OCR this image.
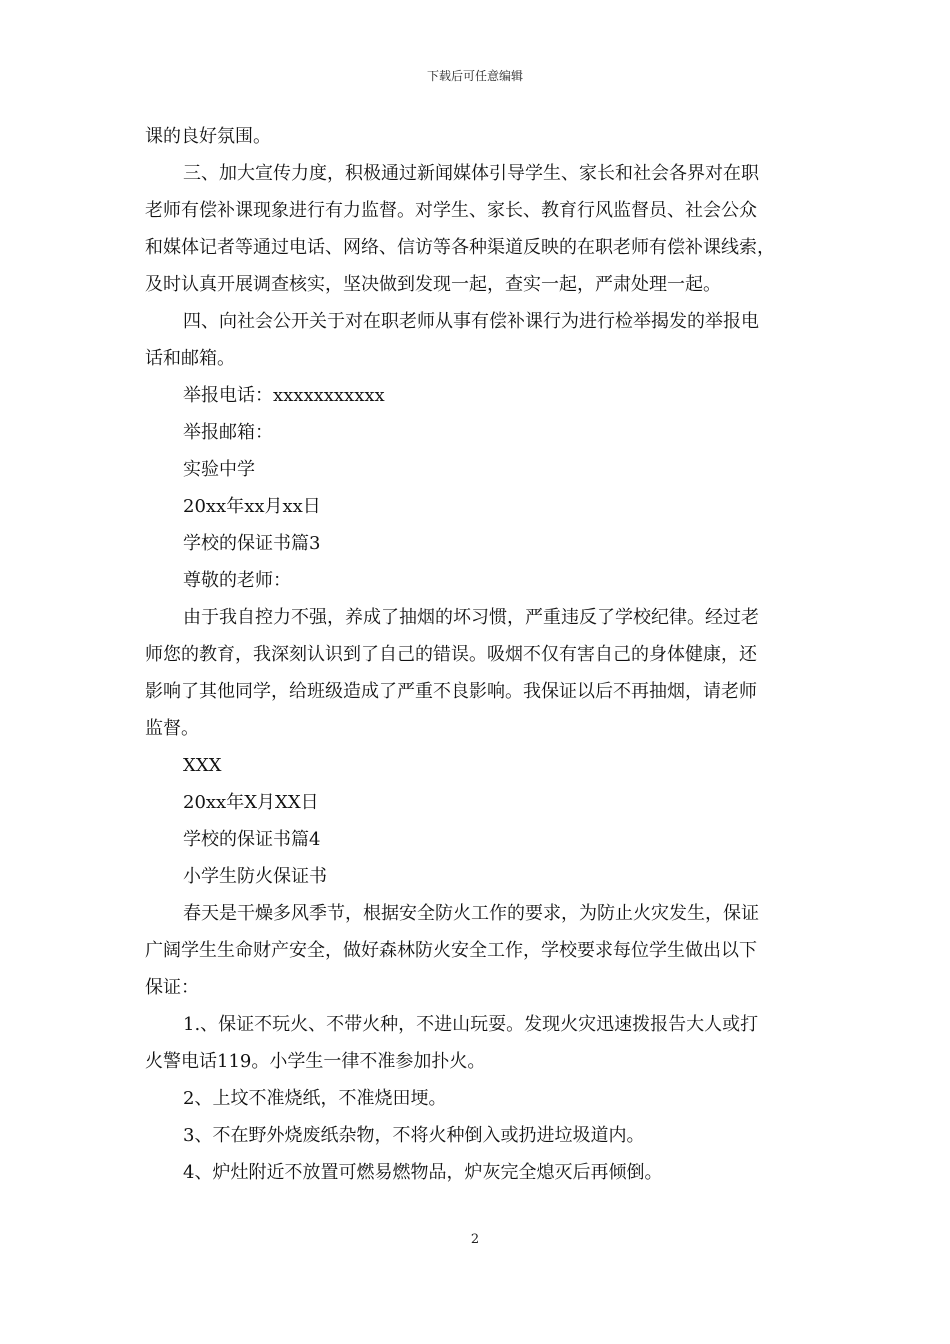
下载后可任意编辑
课的良好氛围。
三、加大宣传力度，积极通过新闻媒体引导学生、家长和社会各界对在职
老师有偿补课现象进行有力监督。对学生、家长、教育行风监督员、社会公众
和媒体记者等通过电话、网络、信访等各种渠道反映的在职老师有偿补课线索，
及时认真开展调查核实，坚决做到发现一起，查实一起，严肃处理一起。
四、向社会公开关于对在职老师从事有偿补课行为进行检举揭发的举报电
话和邮箱。
举报电话：xxxxxxxxxxx
举报邮箱：
实验中学
20xx年xx月xx日
学校的保证书篇3
尊敬的老师：
由于我自控力不强，养成了抽烟的坏习惯，严重违反了学校纪律。经过老
师您的教育，我深刻认识到了自己的错误。吸烟不仅有害自己的身体健康，还
影响了其他同学，给班级造成了严重不良影响。我保证以后不再抽烟，请老师
监督。
XXX
20xx年X月XX日
学校的保证书篇4
小学生防火保证书
春天是干燥多风季节，根据安全防火工作的要求，为防止火灾发生，保证
广阔学生生命财产安全，做好森林防火安全工作，学校要求每位学生做出以下
保证：
1.、保证不玩火、不带火种，不进山玩耍。发现火灾迅速拨报告大人或打
火警电话119。小学生一律不准参加扑火。
2、上坟不准烧纸，不准烧田埂。
3、不在野外烧废纸杂物，不将火种倒入或扔进垃圾道内。
4、炉灶附近不放置可燃易燃物品，炉灰完全熄灭后再倾倒。
2
